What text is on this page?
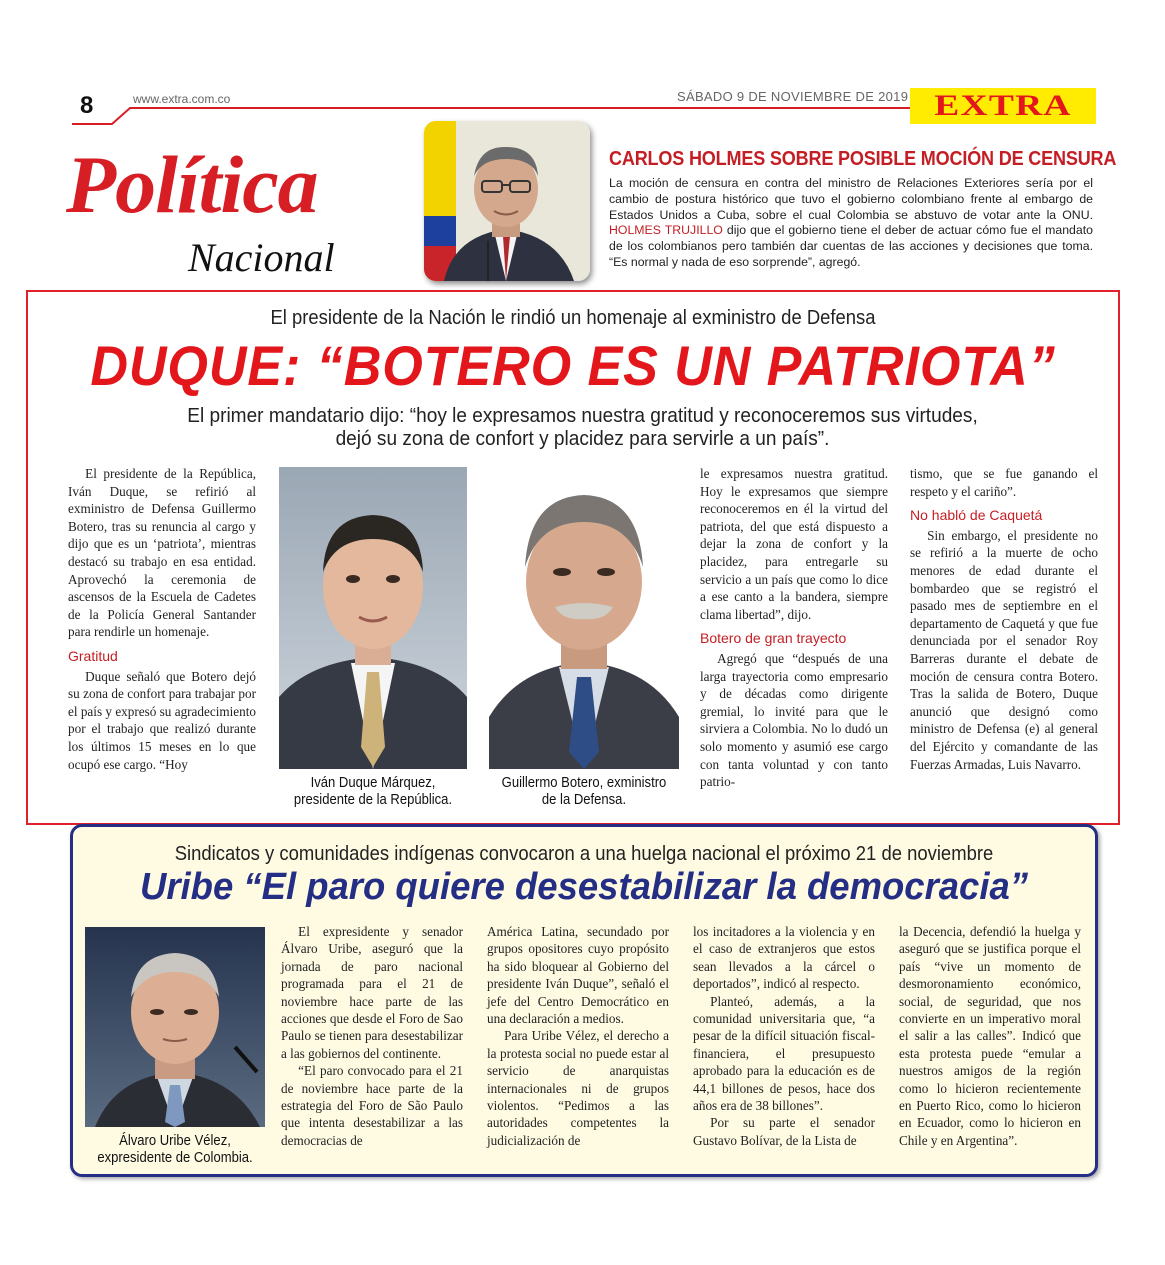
8	www.extra.com.co	SÁBADO 9 DE NOVIEMBRE DE 2019 EXTRA
Política
Nacional
CARLOS HOLMES SOBRE POSIBLE MOCIÓN DE CENSURA
La moción de censura en contra del ministro de Relaciones Exteriores sería por el cambio de postura histórico que tuvo el gobierno colombiano frente al embargo de Estados Unidos a Cuba, sobre el cual Colombia se abstuvo de votar ante la ONU. HOLMES TRUJILLO dijo que el gobierno tiene el deber de actuar cómo fue el mandato de los colombianos pero también dar cuentas de las acciones y decisiones que toma. “Es normal y nada de eso sorprende”, agregó.
El presidente de la Nación le rindió un homenaje al exministro de Defensa
DUQUE: “BOTERO ES UN PATRIOTA”
El primer mandatario dijo: “hoy le expresamos nuestra gratitud y reconoceremos sus virtudes,
dejó su zona de confort y placidez para servirle a un país”.

El presidente de la República, Iván Duque, se refirió al exministro de Defensa Guillermo Botero, tras su renuncia al cargo y dijo que es un ‘patriota’, mientras destacó su trabajo en esa entidad. Aprovechó la ceremonia de ascensos de la Escuela de Cadetes de la Policía General Santander para rendirle un homenaje.

Gratitud

Duque señaló que Botero dejó su zona de confort para trabajar por el país y expresó su agradecimiento por el trabajo que realizó durante los últimos 15 meses en lo que ocupó ese cargo. “Hoy

Iván Duque Márquez,
presidente de la República.
Guillermo Botero, exministro
de la Defensa.

le expresamos nuestra gratitud. Hoy le expresamos que siempre reconoceremos en él la virtud del patriota, del que está dispuesto a dejar la zona de confort y la placidez, para entregarle su servicio a un país que como lo dice a ese canto a la bandera, siempre clama libertad”, dijo.

Botero de gran trayecto

Agregó que “después de una larga trayectoria como empresario y de décadas como dirigente gremial, lo invité para que le sirviera a Colombia. No lo dudó un solo momento y asumió ese cargo con tanta voluntad y con tanto patrio-

tismo, que se fue ganando el respeto y el cariño”.

No habló de Caquetá

Sin embargo, el presidente no se refirió a la muerte de ocho menores de edad durante el bombardeo que se registró el pasado mes de septiembre en el departamento de Caquetá y que fue denunciada por el senador Roy Barreras durante el debate de moción de censura contra Botero. Tras la salida de Botero, Duque anunció que designó como ministro de Defensa (e) al general del Ejército y comandante de las Fuerzas Armadas, Luis Navarro.

Sindicatos y comunidades indígenas convocaron a una huelga nacional el próximo 21 de noviembre
Uribe “El paro quiere desestabilizar la democracia”
Álvaro Uribe Vélez,
expresidente de Colombia.

El expresidente y senador Álvaro Uribe, aseguró que la jornada de paro nacional programada para el 21 de noviembre hace parte de las acciones que desde el Foro de Sao Paulo se tienen para desestabilizar a las gobiernos del continente.

“El paro convocado para el 21 de noviembre hace parte de la estrategia del Foro de São Paulo que intenta desestabilizar a las democracias de

América Latina, secundado por grupos opositores cuyo propósito ha sido bloquear al Gobierno del presidente Iván Duque”, señaló el jefe del Centro Democrático en una declaración a medios.

Para Uribe Vélez, el derecho a la protesta social no puede estar al servicio de anarquistas internacionales ni de grupos violentos. “Pedimos a las autoridades competentes la judicialización de

los incitadores a la violencia y en el caso de extranjeros que estos sean llevados a la cárcel o deportados”, indicó al respecto.

Planteó, además, a la comunidad universitaria que, “a pesar de la difícil situación fiscal-financiera, el presupuesto aprobado para la educación es de 44,1 billones de pesos, hace dos años era de 38 billones”.

Por su parte el senador Gustavo Bolívar, de la Lista de

la Decencia, defendió la huelga y aseguró que se justifica porque el país “vive un momento de desmoronamiento económico, social, de seguridad, que nos convierte en un imperativo moral el salir a las calles”. Indicó que esta protesta puede “emular a nuestros amigos de la región como lo hicieron recientemente en Puerto Rico, como lo hicieron en Ecuador, como lo hicieron en Chile y en Argentina”.
